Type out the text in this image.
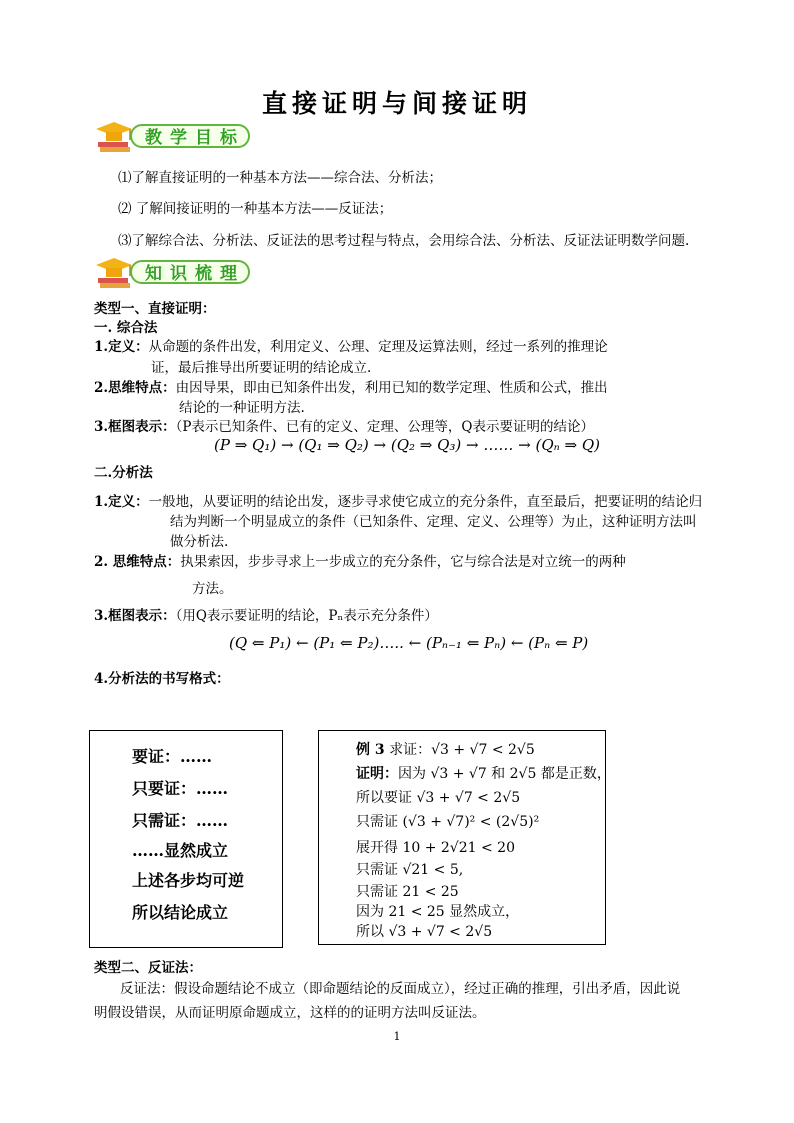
直接证明与间接证明
教学目标
⑴了解直接证明的一种基本方法——综合法、分析法；
⑵ 了解间接证明的一种基本方法——反证法；
⑶了解综合法、分析法、反证法的思考过程与特点，会用综合法、分析法、反证法证明数学问题.
知识梳理
类型一、直接证明：
一. 综合法
1.定义：从命题的条件出发，利用定义、公理、定理及运算法则，经过一系列的推理论
证，最后推导出所要证明的结论成立.
2.思维特点：由因导果，即由已知条件出发，利用已知的数学定理、性质和公式，推出
结论的一种证明方法.
3.框图表示：（P表示已知条件、已有的定义、定理、公理等，Q表示要证明的结论）
(P ⇒ Q₁) → (Q₁ ⇒ Q₂) → (Q₂ ⇒ Q₃) → …… → (Qₙ ⇒ Q)
二.分析法
1.定义：一般地，从要证明的结论出发，逐步寻求使它成立的充分条件，直至最后，把要证明的结论归
结为判断一个明显成立的条件（已知条件、定理、定义、公理等）为止，这种证明方法叫
做分析法.
2. 思维特点：执果索因，步步寻求上一步成立的充分条件，它与综合法是对立统一的两种
方法。
3.框图表示：（用Q表示要证明的结论，Pₙ表示充分条件）
(Q ⇐ P₁) ← (P₁ ⇐ P₂)….. ← (Pₙ₋₁ ⇐ Pₙ) ← (Pₙ ⇐ P)
4.分析法的书写格式：
要证：……
只要证：……
只需证：……
……显然成立
上述各步均可逆
所以结论成立
例 3 求证：√3 + √7 < 2√5
证明：因为 √3 + √7 和 2√5 都是正数，
所以要证 √3 + √7 < 2√5
只需证 (√3 + √7)² < (2√5)²
展开得 10 + 2√21 < 20
只需证 √21 < 5,
只需证 21 < 25
因为 21 < 25 显然成立，
所以 √3 + √7 < 2√5
类型二、反证法：
反证法：假设命题结论不成立（即命题结论的反面成立），经过正确的推理，引出矛盾，因此说
明假设错误，从而证明原命题成立，这样的的证明方法叫反证法。
1
